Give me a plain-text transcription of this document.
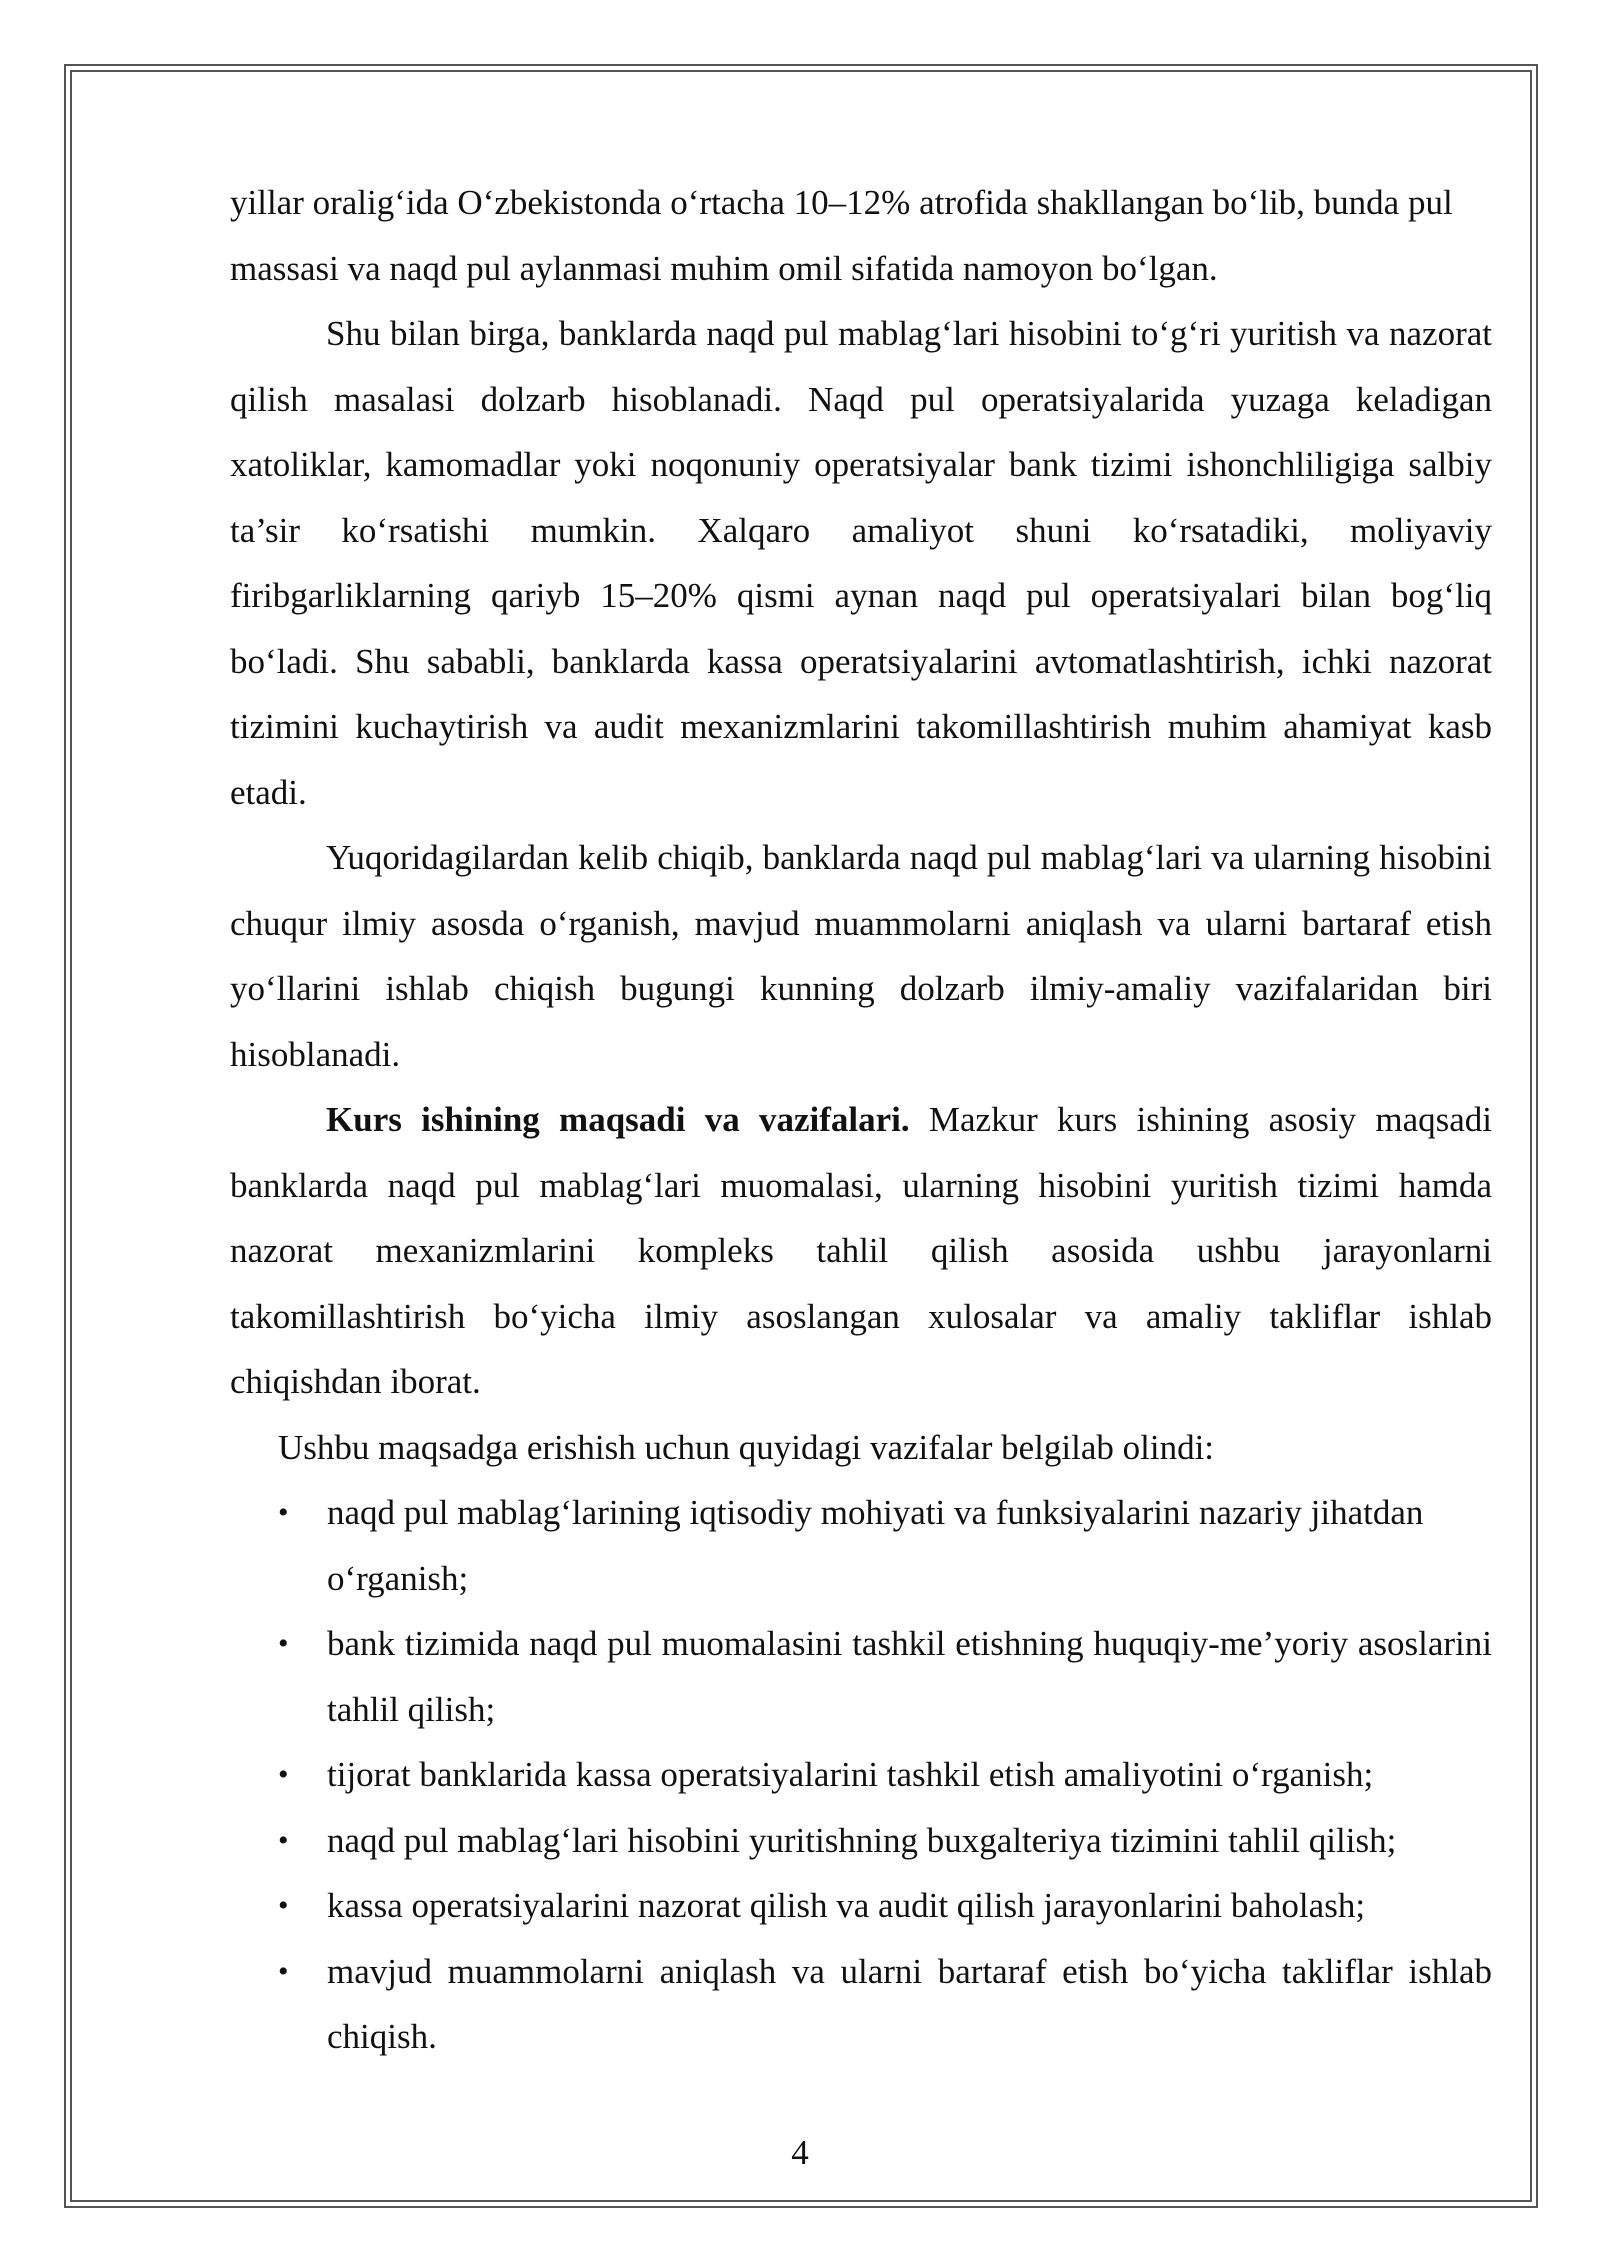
yillar oralig‘ida O‘zbekistonda o‘rtacha 10–12% atrofida shakllangan bo‘lib, bunda pul massasi va naqd pul aylanmasi muhim omil sifatida namoyon bo‘lgan.

Shu bilan birga, banklarda naqd pul mablag‘lari hisobini to‘g‘ri yuritish va nazorat qilish masalasi dolzarb hisoblanadi. Naqd pul operatsiyalarida yuzaga keladigan xatoliklar, kamomadlar yoki noqonuniy operatsiyalar bank tizimi ishonchliligiga salbiy ta’sir ko‘rsatishi mumkin. Xalqaro amaliyot shuni ko‘rsatadiki, moliyaviy firibgarliklarning qariyb 15–20% qismi aynan naqd pul operatsiyalari bilan bog‘liq bo‘ladi. Shu sababli, banklarda kassa operatsiyalarini avtomatlashtirish, ichki nazorat tizimini kuchaytirish va audit mexanizmlarini takomillashtirish muhim ahamiyat kasb etadi.

Yuqoridagilardan kelib chiqib, banklarda naqd pul mablag‘lari va ularning hisobini chuqur ilmiy asosda o‘rganish, mavjud muammolarni aniqlash va ularni bartaraf etish yo‘llarini ishlab chiqish bugungi kunning dolzarb ilmiy-amaliy vazifalaridan biri hisoblanadi.

Kurs ishining maqsadi va vazifalari. Mazkur kurs ishining asosiy maqsadi banklarda naqd pul mablag‘lari muomalasi, ularning hisobini yuritish tizimi hamda nazorat mexanizmlarini kompleks tahlil qilish asosida ushbu jarayonlarni takomillashtirish bo‘yicha ilmiy asoslangan xulosalar va amaliy takliflar ishlab chiqishdan iborat.

Ushbu maqsadga erishish uchun quyidagi vazifalar belgilab olindi:

• naqd pul mablag‘larining iqtisodiy mohiyati va funksiyalarini nazariy jihatdan o‘rganish;
• bank tizimida naqd pul muomalasini tashkil etishning huquqiy-me’yoriy asoslarini tahlil qilish;
• tijorat banklarida kassa operatsiyalarini tashkil etish amaliyotini o‘rganish;
• naqd pul mablag‘lari hisobini yuritishning buxgalteriya tizimini tahlil qilish;
• kassa operatsiyalarini nazorat qilish va audit qilish jarayonlarini baholash;
• mavjud muammolarni aniqlash va ularni bartaraf etish bo‘yicha takliflar ishlab chiqish.
4
